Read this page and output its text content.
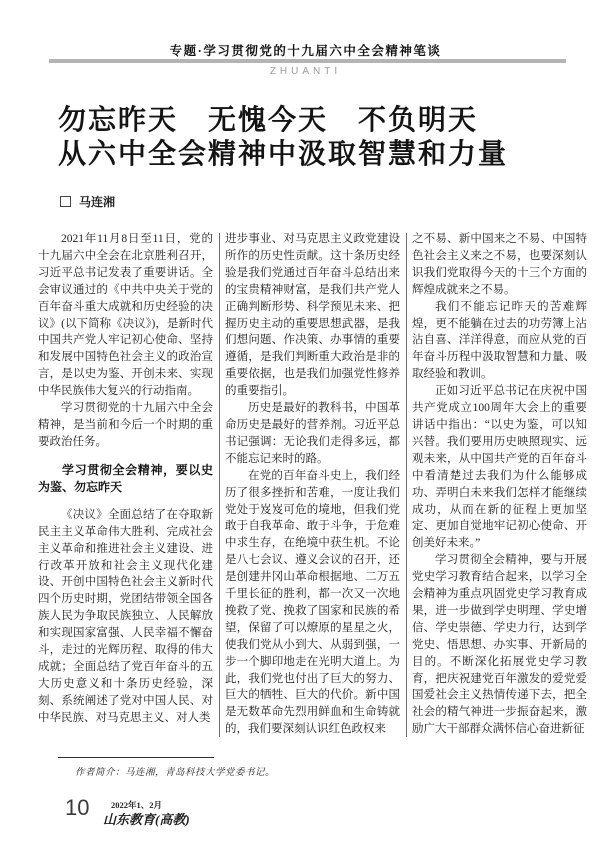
专题·学习贯彻党的十九届六中全会精神笔谈
ZHUANTI
勿忘昨天　无愧今天　不负明天
从六中全会精神中汲取智慧和力量
马连湘

2021年11月8日至11日，党的十九届六中全会在北京胜利召开，习近平总书记发表了重要讲话。全会审议通过的《中共中央关于党的百年奋斗重大成就和历史经验的决议》(以下简称《决议》)，是新时代中国共产党人牢记初心使命、坚持和发展中国特色社会主义的政治宣言，是以史为鉴、开创未来、实现中华民族伟大复兴的行动指南。

学习贯彻党的十九届六中全会精神，是当前和今后一个时期的重要政治任务。

学习贯彻全会精神，要以史为鉴、勿忘昨天

《决议》全面总结了在夺取新民主主义革命伟大胜利、完成社会主义革命和推进社会主义建设、进行改革开放和社会主义现代化建设、开创中国特色社会主义新时代四个历史时期，党团结带领全国各族人民为争取民族独立、人民解放和实现国家富强、人民幸福不懈奋斗，走过的光辉历程、取得的伟大成就；全面总结了党百年奋斗的五大历史意义和十条历史经验，深刻、系统阐述了党对中国人民、对中华民族、对马克思主义、对人类

进步事业、对马克思主义政党建设所作的历史性贡献。这十条历史经验是我们党通过百年奋斗总结出来的宝贵精神财富，是我们共产党人正确判断形势、科学预见未来、把握历史主动的重要思想武器，是我们想问题、作决策、办事情的重要遵循，是我们判断重大政治是非的重要依据，也是我们加强党性修养的重要指引。

历史是最好的教科书，中国革命历史是最好的营养剂。习近平总书记强调：无论我们走得多远，都不能忘记来时的路。

在党的百年奋斗史上，我们经历了很多挫折和苦难，一度让我们党处于岌岌可危的境地，但我们党敢于自我革命、敢于斗争，于危难中求生存，在绝境中获生机。不论是八七会议、遵义会议的召开，还是创建井冈山革命根据地、二万五千里长征的胜利，都一次又一次地挽救了党、挽救了国家和民族的希望，保留了可以燎原的星星之火，使我们党从小到大、从弱到强，一步一个脚印地走在光明大道上。为此，我们党也付出了巨大的努力、巨大的牺牲、巨大的代价。新中国是无数革命先烈用鲜血和生命铸就的，我们要深刻认识红色政权来

之不易、新中国来之不易、中国特色社会主义来之不易，也要深刻认识我们党取得今天的十三个方面的辉煌成就来之不易。

我们不能忘记昨天的苦难辉煌，更不能躺在过去的功劳簿上沾沾自喜、洋洋得意，而应从党的百年奋斗历程中汲取智慧和力量、吸取经验和教训。

正如习近平总书记在庆祝中国共产党成立100周年大会上的重要讲话中指出：“以史为鉴，可以知兴替。我们要用历史映照现实、远观未来，从中国共产党的百年奋斗中看清楚过去我们为什么能够成功、弄明白未来我们怎样才能继续成功，从而在新的征程上更加坚定、更加自觉地牢记初心使命、开创美好未来。”

学习贯彻全会精神，要与开展党史学习教育结合起来，以学习全会精神为重点巩固党史学习教育成果，进一步做到学史明理、学史增信、学史崇德、学史力行，达到学党史、悟思想、办实事、开新局的目的。不断深化拓展党史学习教育，把庆祝建党百年激发的爱党爱国爱社会主义热情传递下去，把全社会的精气神进一步振奋起来，激励广大干部群众满怀信心奋进新征

作者简介：马连湘，青岛科技大学党委书记。
10	2022年1、2月
山东教育(高教)
